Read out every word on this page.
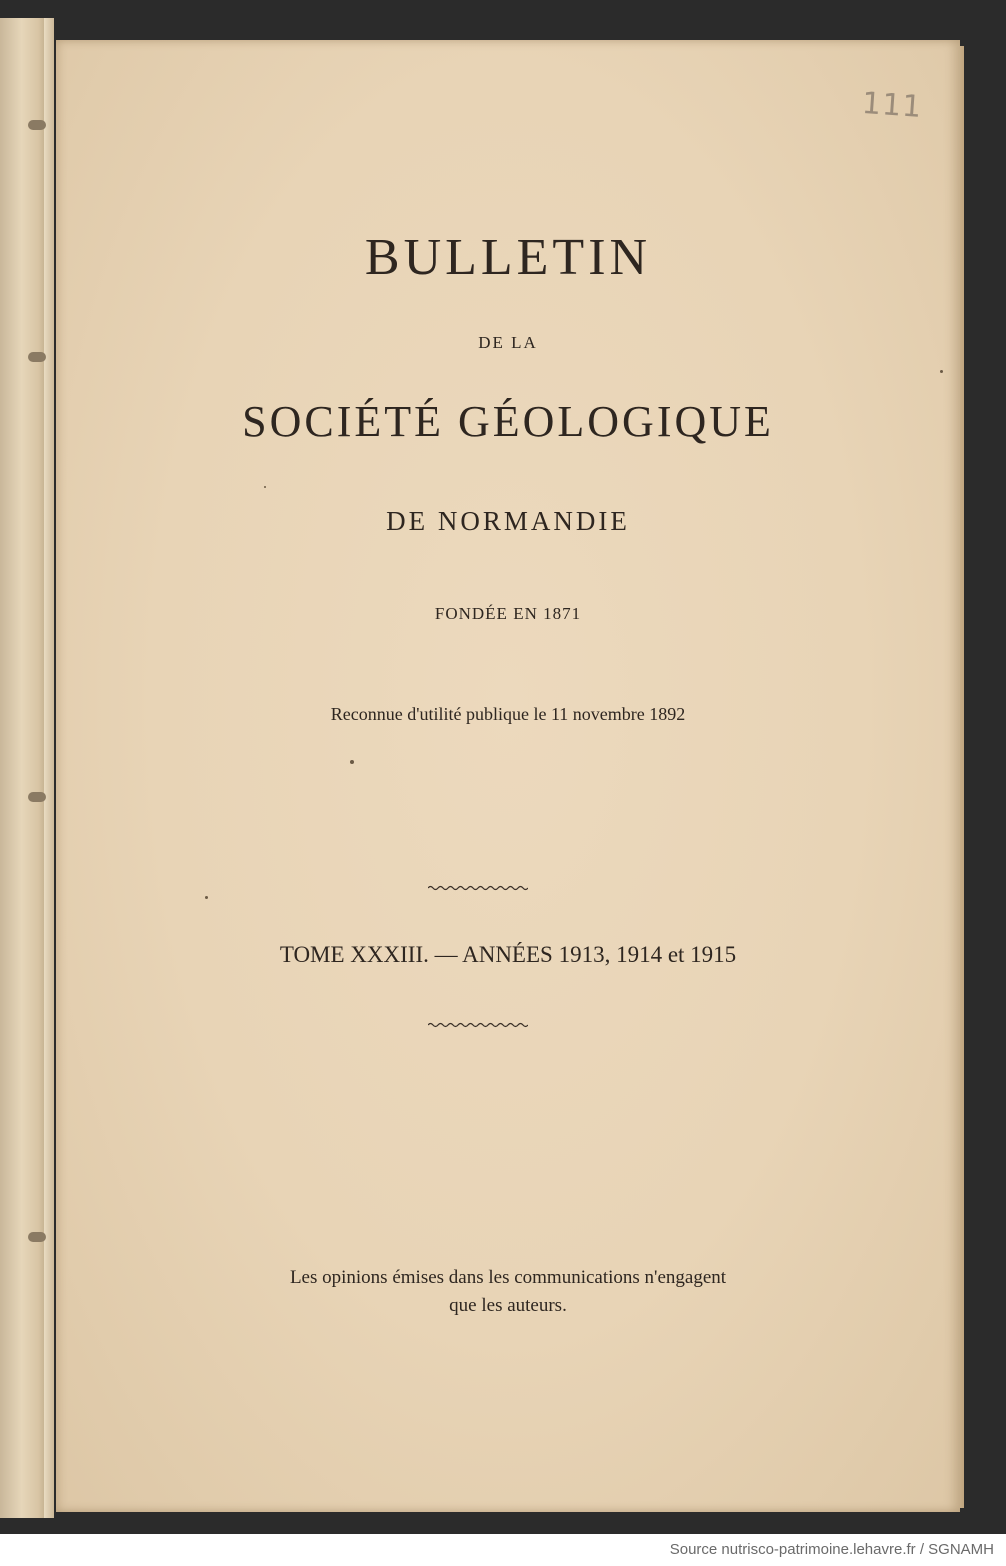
111
BULLETIN
DE LA
SOCIÉTÉ GÉOLOGIQUE
DE NORMANDIE
FONDÉE EN 1871
Reconnue d'utilité publique le 11 novembre 1892
TOME XXXIII. — ANNÉES 1913, 1914 et 1915
Les opinions émises dans les communications n'engagent
que les auteurs.
Source nutrisco-patrimoine.lehavre.fr / SGNAMH
